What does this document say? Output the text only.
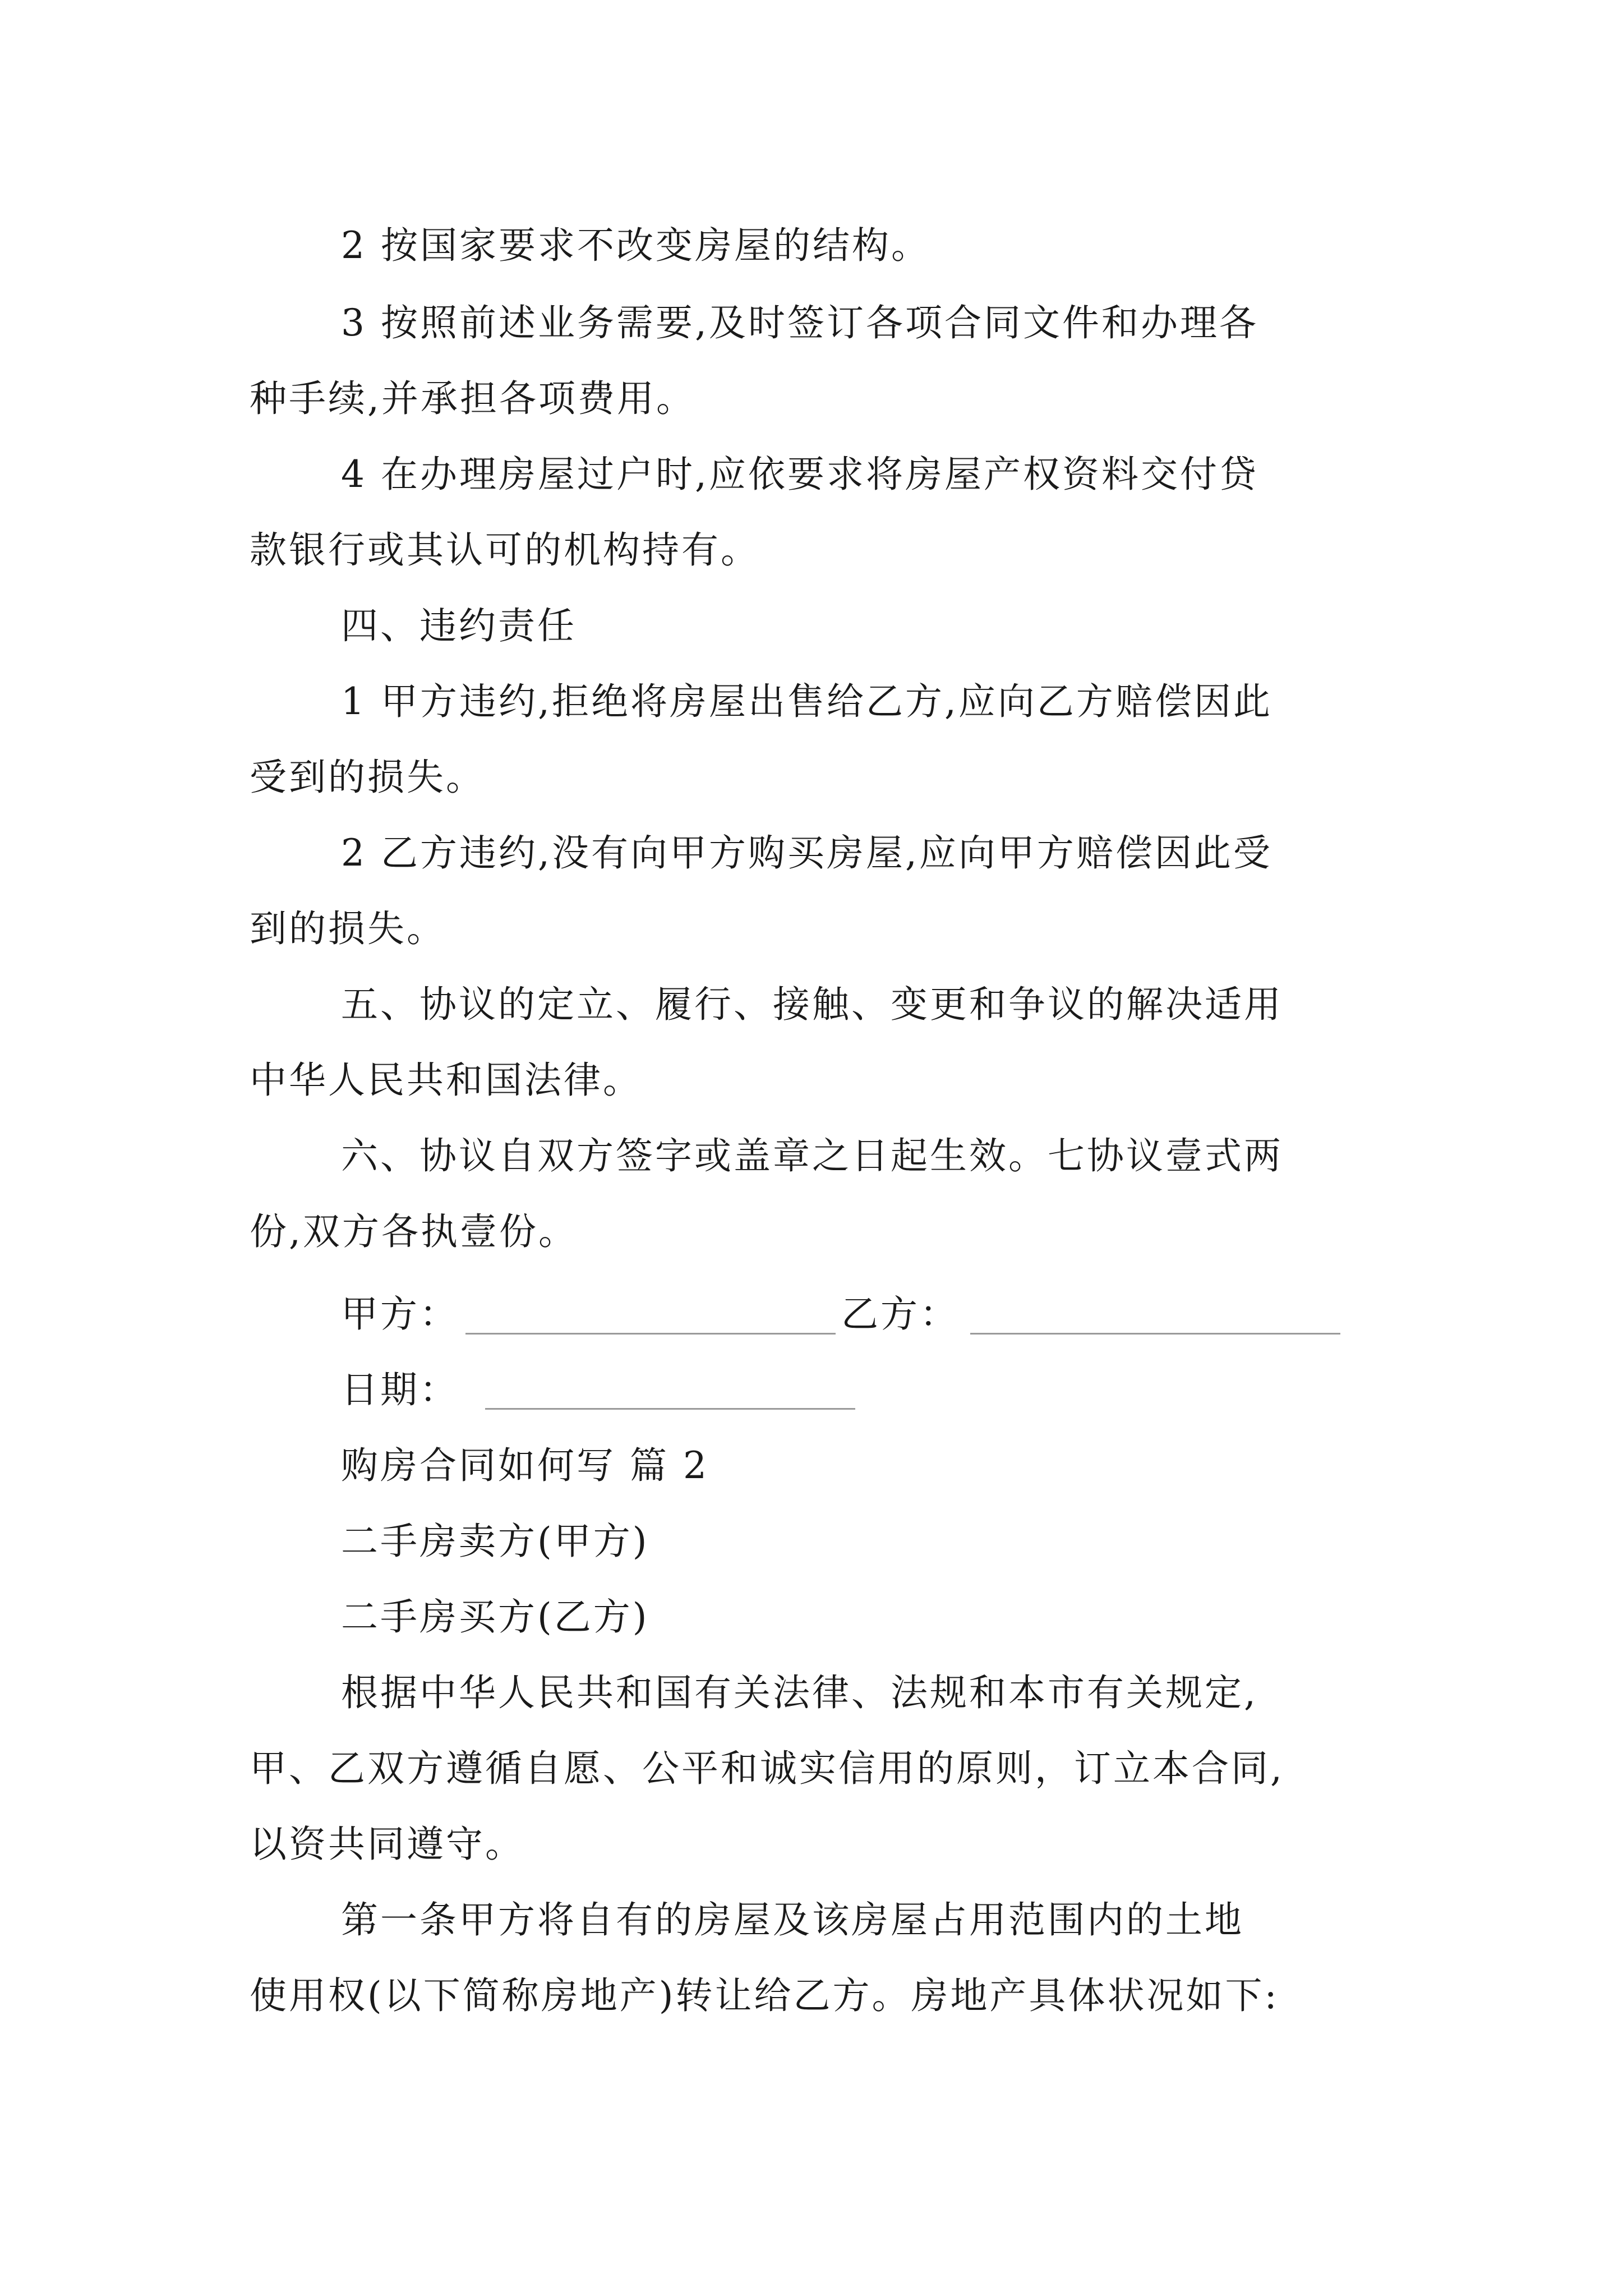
2 按国家要求不改变房屋的结构。
3 按照前述业务需要,及时签订各项合同文件和办理各
种手续,并承担各项费用。
4 在办理房屋过户时,应依要求将房屋产权资料交付贷
款银行或其认可的机构持有。
四、违约责任
1 甲方违约,拒绝将房屋出售给乙方,应向乙方赔偿因此
受到的损失。
2 乙方违约,没有向甲方购买房屋,应向甲方赔偿因此受
到的损失。
五、协议的定立、履行、接触、变更和争议的解决适用
中华人民共和国法律。
六、协议自双方签字或盖章之日起生效。七协议壹式两
份,双方各执壹份。
甲方：	乙方：
日期：
购房合同如何写 篇 2
二手房卖方(甲方)
二手房买方(乙方)
根据中华人民共和国有关法律、法规和本市有关规定,
甲、乙双方遵循自愿、公平和诚实信用的原则，订立本合同,
以资共同遵守。
第一条甲方将自有的房屋及该房屋占用范围内的土地
使用权(以下简称房地产)转让给乙方。房地产具体状况如下:
